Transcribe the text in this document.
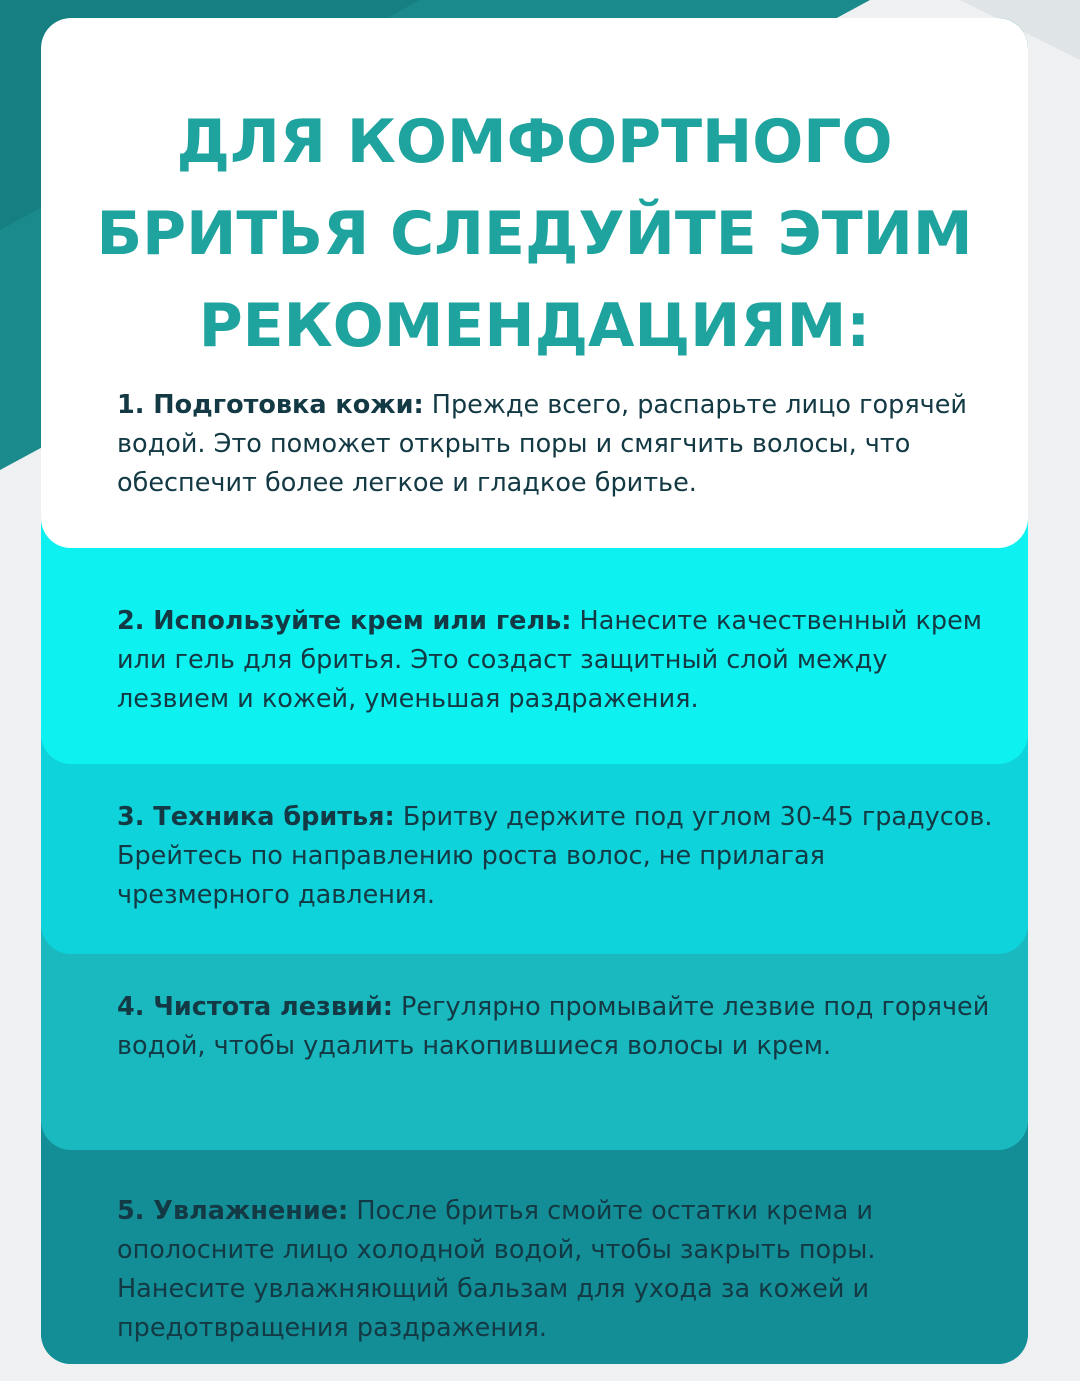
5. Увлажнение: После бритья смойте остатки крема и ополосните лицо холодной водой, чтобы закрыть поры. Нанесите увлажняющий бальзам для ухода за кожей и предотвращения раздражения.

4. Чистота лезвий: Регулярно промывайте лезвие под горячей водой, чтобы удалить накопившиеся волосы и крем.

3. Техника бритья: Бритву держите под углом 30-45 градусов. Брейтесь по направлению роста волос, не прилагая чрезмерного давления.

2. Используйте крем или гель: Нанесите качественный крем или гель для бритья. Это создаст защитный слой между лезвием и кожей, уменьшая раздражения.

ДЛЯ КОМФОРТНОГО
БРИТЬЯ СЛЕДУЙТЕ ЭТИМ
РЕКОМЕНДАЦИЯМ:

1. Подготовка кожи: Прежде всего, распарьте лицо горячей водой. Это поможет открыть поры и смягчить волосы, что обеспечит более легкое и гладкое бритье.
